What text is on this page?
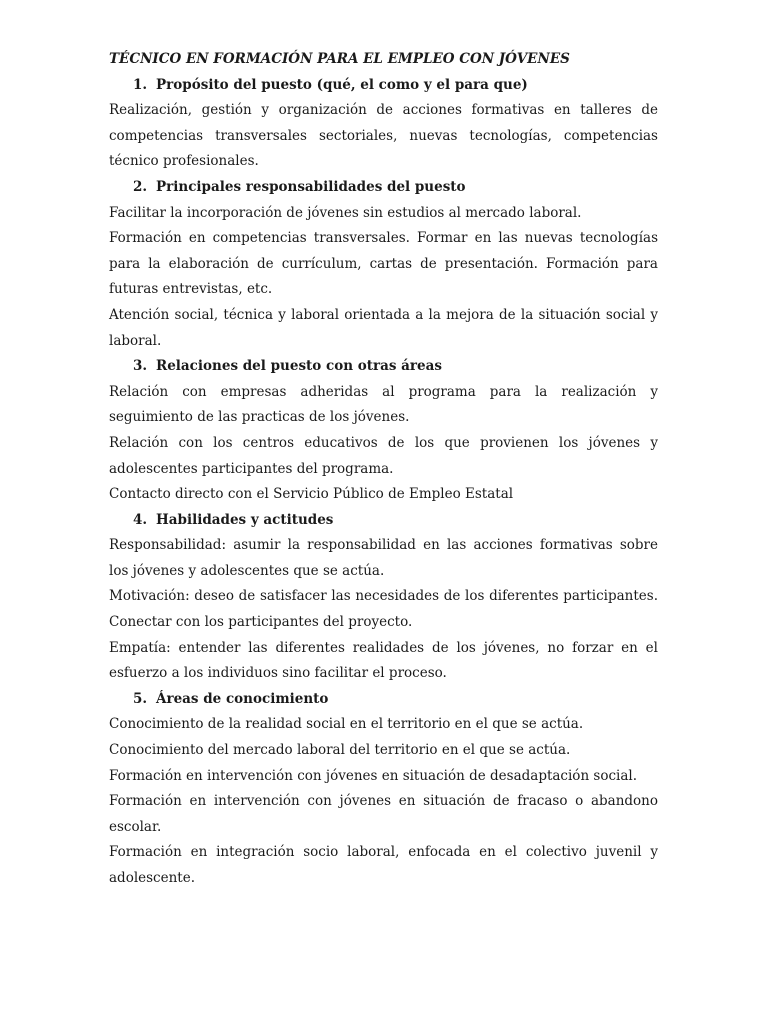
TÉCNICO EN FORMACIÓN PARA EL EMPLEO CON JÓVENES

1. Propósito del puesto (qué, el como y el para que)

Realización, gestión y organización de acciones formativas en talleres de competencias transversales sectoriales, nuevas tecnologías, competencias técnico profesionales.

2. Principales responsabilidades del puesto

Facilitar la incorporación de jóvenes sin estudios al mercado laboral.

Formación en competencias transversales. Formar en las nuevas tecnologías para la elaboración de currículum, cartas de presentación. Formación para futuras entrevistas, etc.

Atención social, técnica y laboral orientada a la mejora de la situación social y laboral.

3. Relaciones del puesto con otras áreas

Relación con empresas adheridas al programa para la realización y seguimiento de las practicas de los jóvenes.

Relación con los centros educativos de los que provienen los jóvenes y adolescentes participantes del programa.

Contacto directo con el Servicio Público de Empleo Estatal

4. Habilidades y actitudes

Responsabilidad: asumir la responsabilidad en las acciones formativas sobre los jóvenes y adolescentes que se actúa.

Motivación: deseo de satisfacer las necesidades de los diferentes participantes. Conectar con los participantes del proyecto.

Empatía: entender las diferentes realidades de los jóvenes, no forzar en el esfuerzo a los individuos sino facilitar el proceso.

5. Áreas de conocimiento

Conocimiento de la realidad social en el territorio en el que se actúa.

Conocimiento del mercado laboral del territorio en el que se actúa.

Formación en intervención con jóvenes en situación de desadaptación social.

Formación en intervención con jóvenes en situación de fracaso o abandono escolar.

Formación en integración socio laboral, enfocada en el colectivo juvenil y adolescente.
